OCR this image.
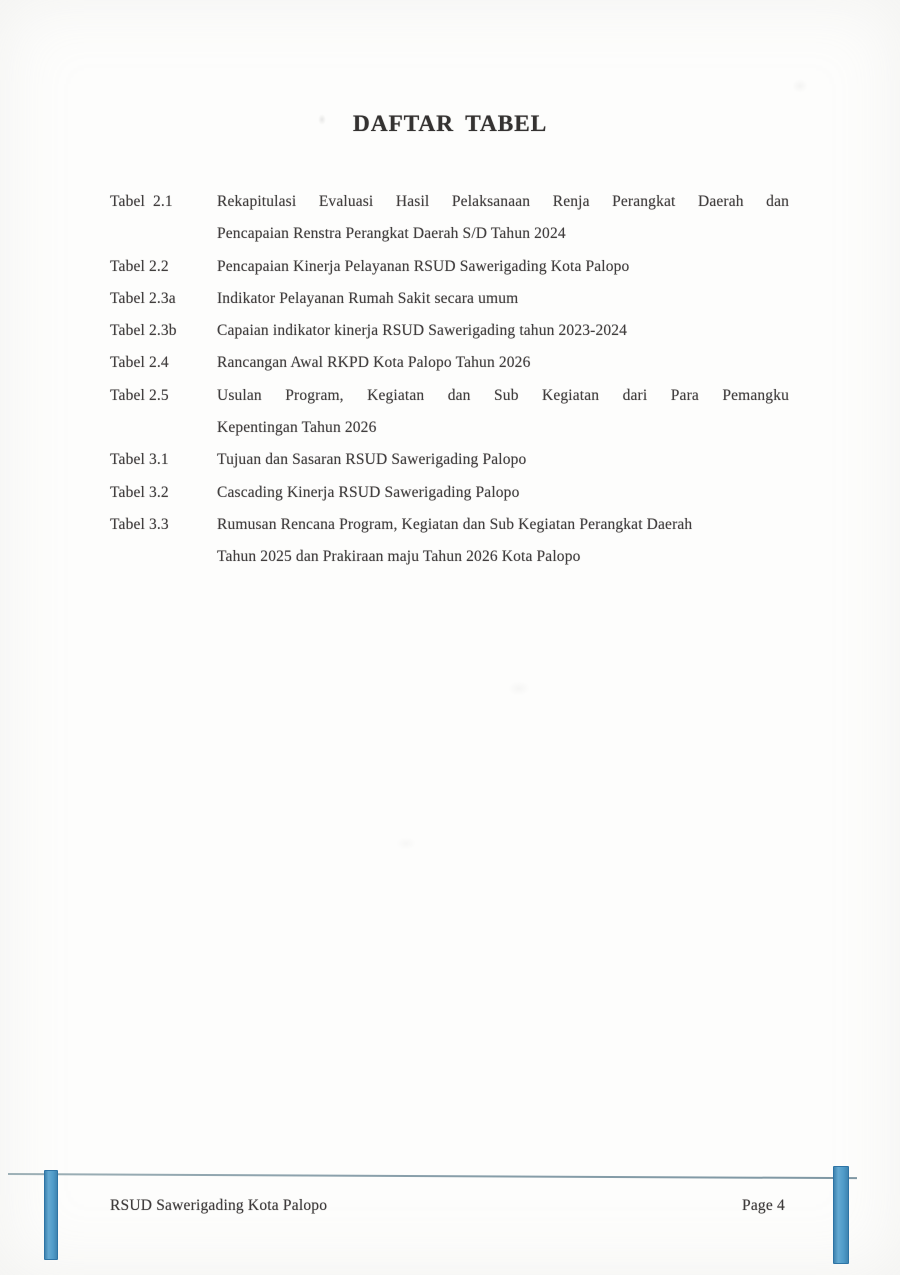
DAFTAR TABEL
Tabel  2.1	Rekapitulasi Evaluasi Hasil Pelaksanaan Renja Perangkat Daerah dan
Pencapaian Renstra Perangkat Daerah S/D Tahun 2024
Tabel 2.2	Pencapaian Kinerja Pelayanan RSUD Sawerigading Kota Palopo
Tabel 2.3a	Indikator Pelayanan Rumah Sakit secara umum
Tabel 2.3b	Capaian indikator kinerja RSUD Sawerigading tahun 2023-2024
Tabel 2.4	Rancangan Awal RKPD Kota Palopo Tahun 2026
Tabel 2.5	Usulan Program, Kegiatan dan Sub Kegiatan dari Para Pemangku
Kepentingan Tahun 2026
Tabel 3.1	Tujuan dan Sasaran RSUD Sawerigading Palopo
Tabel 3.2	Cascading Kinerja RSUD Sawerigading Palopo
Tabel 3.3	Rumusan Rencana Program, Kegiatan dan Sub Kegiatan Perangkat Daerah
Tahun 2025 dan Prakiraan maju Tahun 2026 Kota Palopo
RSUD Sawerigading Kota Palopo	Page 4
